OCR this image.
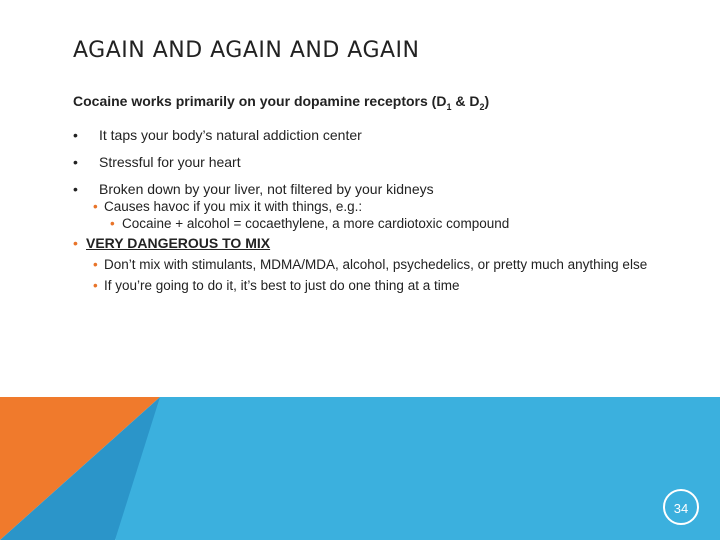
AGAIN AND AGAIN AND AGAIN
Cocaine works primarily on your dopamine receptors ($D_1$ & $D_2$)
• It taps your body’s natural addiction center
• Stressful for your heart
• Broken down by your liver, not filtered by your kidneys
• Causes havoc if you mix it with things, e.g.:
• Cocaine + alcohol = cocaethylene, a more cardiotoxic compound
• VERY DANGEROUS TO MIX
• Don’t mix with stimulants, MDMA/MDA, alcohol, psychedelics, or pretty much anything else
• If you’re going to do it, it’s best to just do one thing at a time
34
